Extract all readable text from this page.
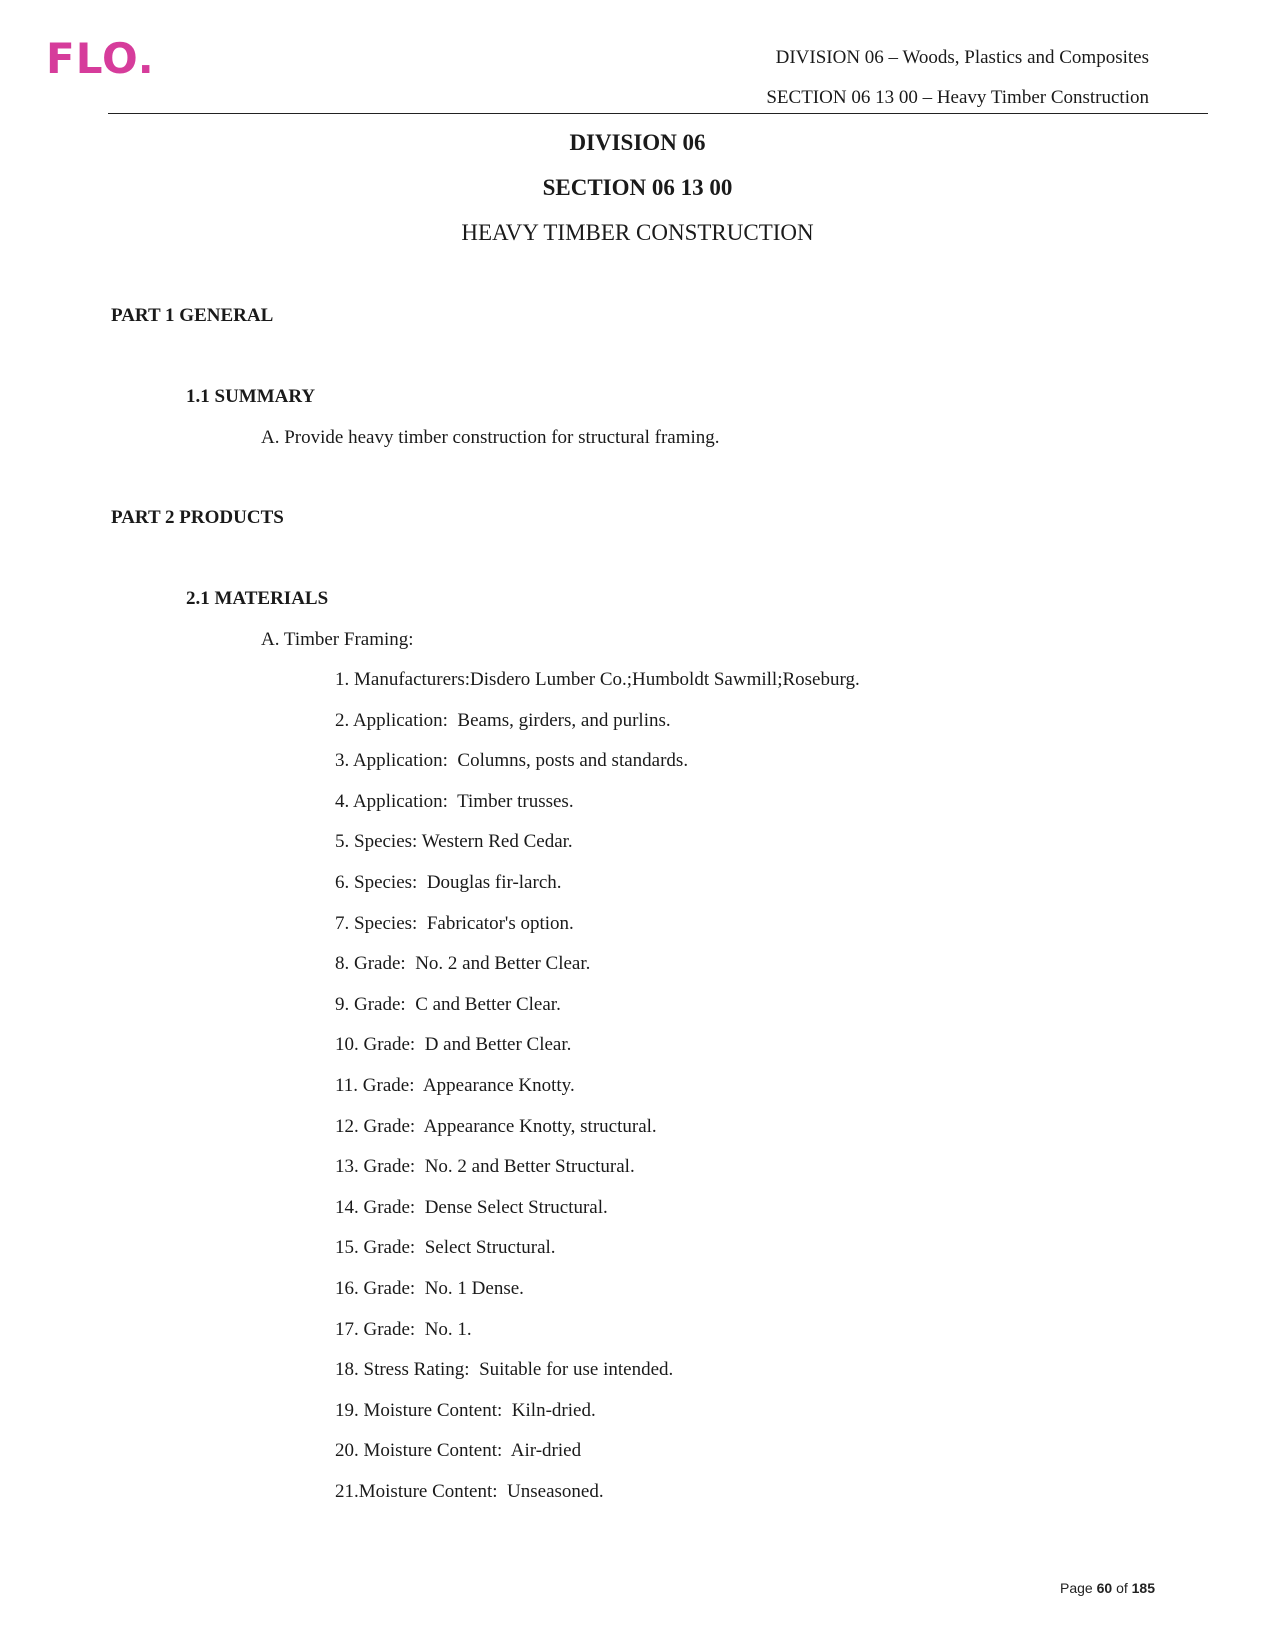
FLO.	DIVISION 06 – Woods, Plastics and Composites

SECTION 06 13 00 – Heavy Timber Construction

DIVISION 06
SECTION 06 13 00
HEAVY TIMBER CONSTRUCTION

PART 1 GENERAL

1.1 SUMMARY

A. Provide heavy timber construction for structural framing.

PART 2 PRODUCTS

2.1 MATERIALS

A. Timber Framing:

1. Manufacturers:Disdero Lumber Co.;Humboldt Sawmill;Roseburg.
2. Application:  Beams, girders, and purlins.
3. Application:  Columns, posts and standards.
4. Application:  Timber trusses.
5. Species: Western Red Cedar.
6. Species:  Douglas fir-larch.
7. Species:  Fabricator's option.
8. Grade:  No. 2 and Better Clear.
9. Grade:  C and Better Clear.
10. Grade:  D and Better Clear.
11. Grade:  Appearance Knotty.
12. Grade:  Appearance Knotty, structural.
13. Grade:  No. 2 and Better Structural.
14. Grade:  Dense Select Structural.
15. Grade:  Select Structural.
16. Grade:  No. 1 Dense.
17. Grade:  No. 1.
18. Stress Rating:  Suitable for use intended.
19. Moisture Content:  Kiln-dried.
20. Moisture Content:  Air-dried
21.Moisture Content:  Unseasoned.

Page 60 of 185
